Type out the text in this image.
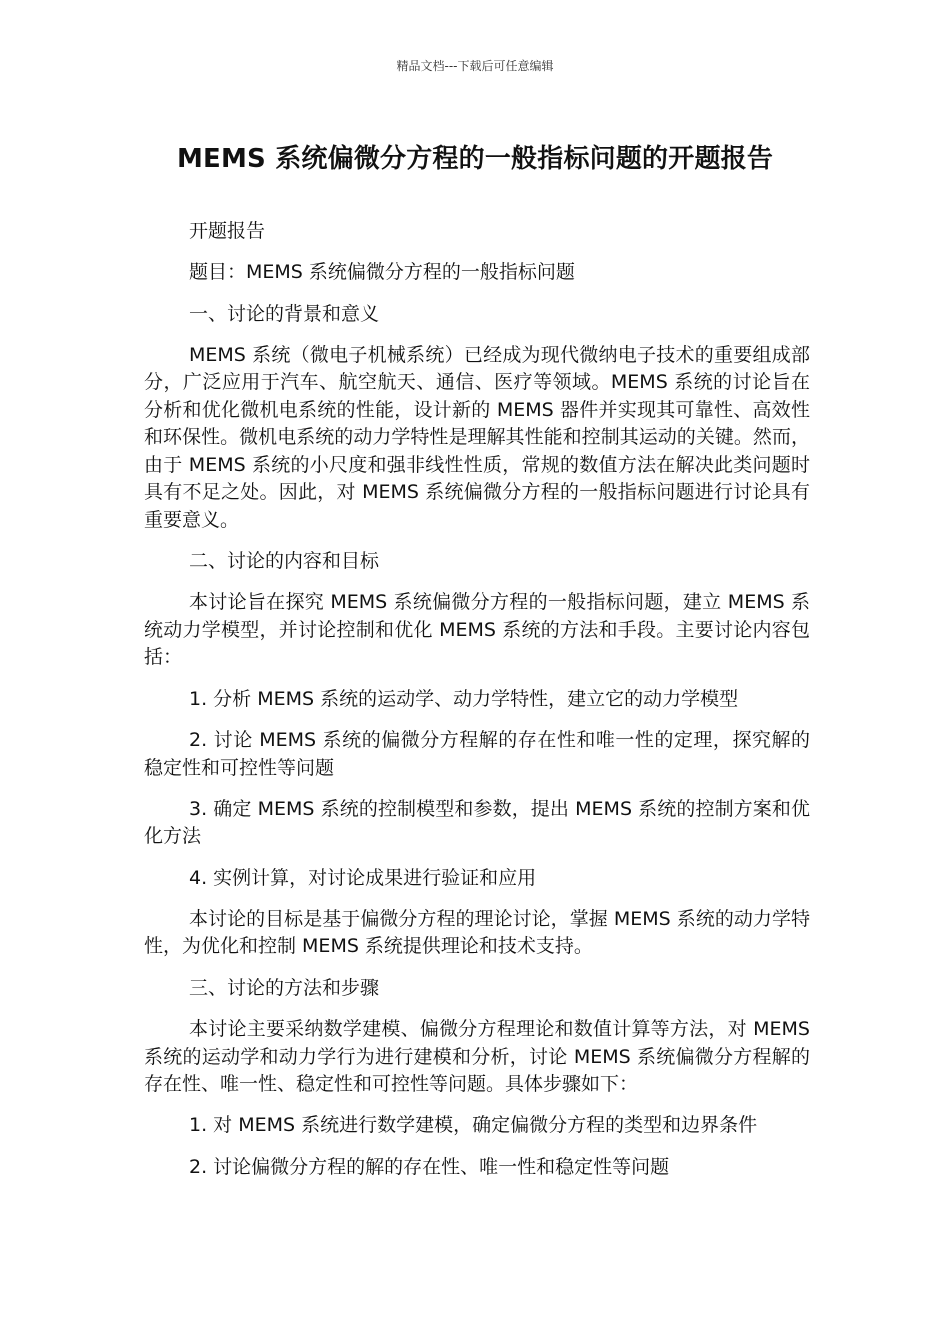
精品文档---下载后可任意编辑
MEMS 系统偏微分方程的一般指标问题的开题报告

开题报告

题目：MEMS 系统偏微分方程的一般指标问题

一、讨论的背景和意义

MEMS 系统（微电子机械系统）已经成为现代微纳电子技术的重要组成部分，广泛应用于汽车、航空航天、通信、医疗等领域。MEMS 系统的讨论旨在分析和优化微机电系统的性能，设计新的 MEMS 器件并实现其可靠性、高效性和环保性。微机电系统的动力学特性是理解其性能和控制其运动的关键。然而，由于 MEMS 系统的小尺度和强非线性性质，常规的数值方法在解决此类问题时具有不足之处。因此，对 MEMS 系统偏微分方程的一般指标问题进行讨论具有重要意义。

二、讨论的内容和目标

本讨论旨在探究 MEMS 系统偏微分方程的一般指标问题，建立 MEMS 系统动力学模型，并讨论控制和优化 MEMS 系统的方法和手段。主要讨论内容包括：

1. 分析 MEMS 系统的运动学、动力学特性，建立它的动力学模型

2. 讨论 MEMS 系统的偏微分方程解的存在性和唯一性的定理，探究解的稳定性和可控性等问题

3. 确定 MEMS 系统的控制模型和参数，提出 MEMS 系统的控制方案和优化方法

4. 实例计算，对讨论成果进行验证和应用

本讨论的目标是基于偏微分方程的理论讨论，掌握 MEMS 系统的动力学特性，为优化和控制 MEMS 系统提供理论和技术支持。

三、讨论的方法和步骤

本讨论主要采纳数学建模、偏微分方程理论和数值计算等方法，对 MEMS 系统的运动学和动力学行为进行建模和分析，讨论 MEMS 系统偏微分方程解的存在性、唯一性、稳定性和可控性等问题。具体步骤如下：

1. 对 MEMS 系统进行数学建模，确定偏微分方程的类型和边界条件

2. 讨论偏微分方程的解的存在性、唯一性和稳定性等问题
